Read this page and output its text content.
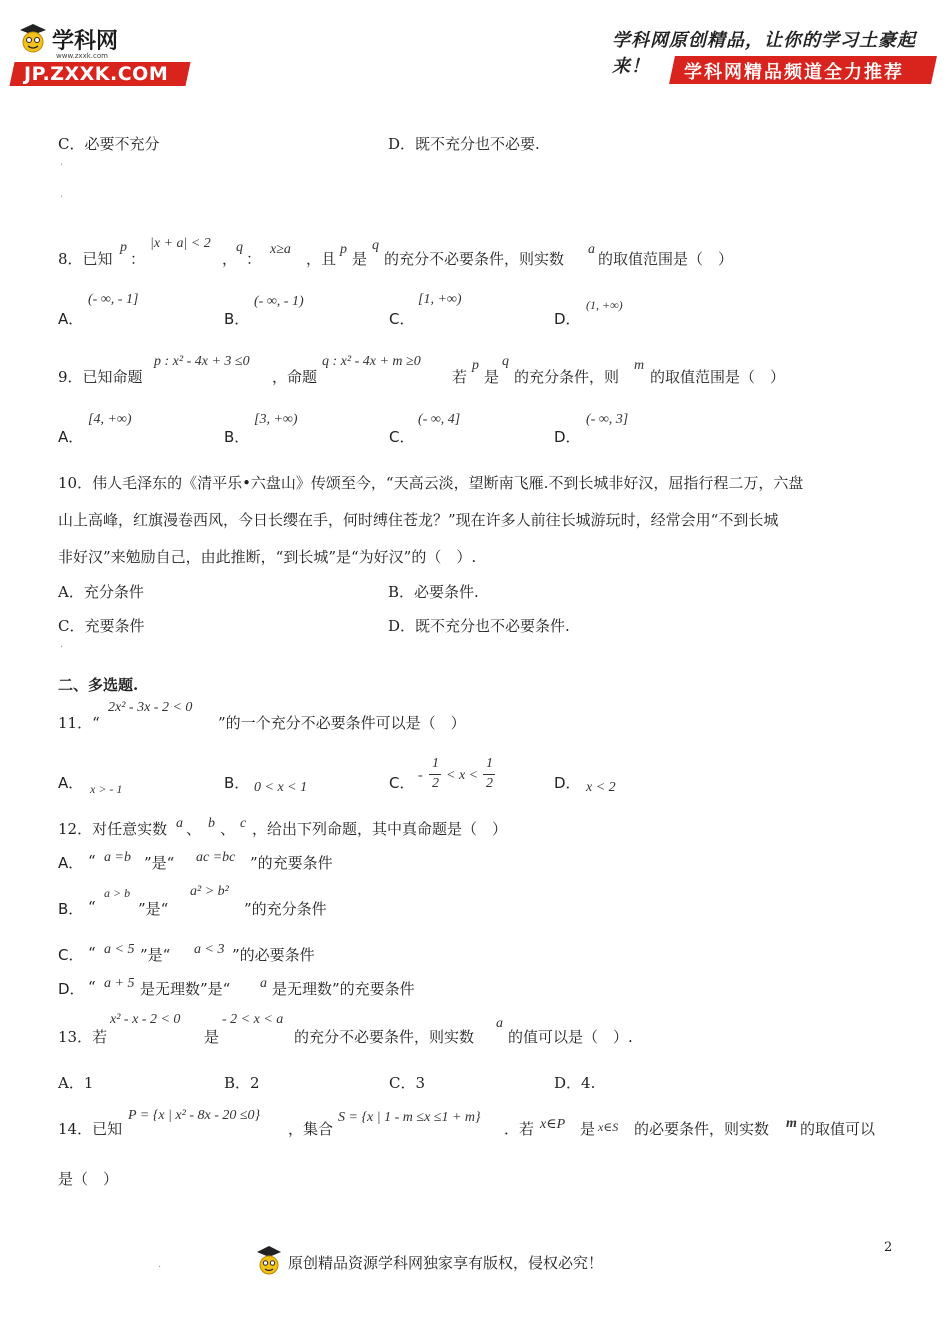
学科网
www.zxxk.com
JP.ZXXK.COM
学科网原创精品，让你的学习土豪起来！	学科网精品频道全力推荐
C．必要不充分	D．既不充分也不必要.
·
·
8．已知
p
：
|x + a| < 2
，
q
：
x≥a
，且
p
是
q
的充分不必要条件，则实数
a
的取值范围是（　）
A．
(- ∞, - 1]
B．
(- ∞, - 1)
C．
[1, +∞)
D．
(1, +∞)
9．已知命题
p : x² - 4x + 3 ≤0
，命题
q : x² - 4x + m ≥0
若
p
是
q
的充分条件，则
m
的取值范围是（　）
A．
[4, +∞)
B．
[3, +∞)
C．
(- ∞, 4]
D．
(- ∞, 3]
10．伟人毛泽东的《清平乐•六盘山》传颂至今，“天高云淡，望断南飞雁.不到长城非好汉，屈指行程二万，六盘
山上高峰，红旗漫卷西风，今日长缨在手，何时缚住苍龙？”现在许多人前往长城游玩时，经常会用“不到长城
非好汉”来勉励自己，由此推断，“到长城”是“为好汉”的（　）.
A．充分条件	B．必要条件.
C．充要条件	D．既不充分也不必要条件.
·
二、多选题.
11．“
2x² - 3x - 2 < 0
”的一个充分不必要条件可以是（　）
A． x > - 1	B． 0 < x < 1	C． -
1
2
< x <
1
2	D． x < 2
12．对任意实数 a 、 b 、 c ，给出下列命题，其中真命题是（　）
A． “ a =b ”是“ ac =bc ”的充要条件
B． “
a > b
”是“
a² > b²
”的充分条件
C． “ a < 5 ”是“ a < 3 ”的必要条件
D． “ a + 5 是无理数”是“ a 是无理数”的充要条件
13．若
x² - x - 2 < 0
是
- 2 < x < a
的充分不必要条件，则实数
a
的值可以是（　）.
A．1	B．2	C．3	D．4.
14．已知
P = {x | x² - 8x - 20 ≤0}
，集合
S = {x | 1 - m ≤x ≤1 + m}
．若 x∈P 是 x∈S 的必要条件，则实数 m 的取值可以
是（　）
2
·	原创精品资源学科网独家享有版权，侵权必究！
